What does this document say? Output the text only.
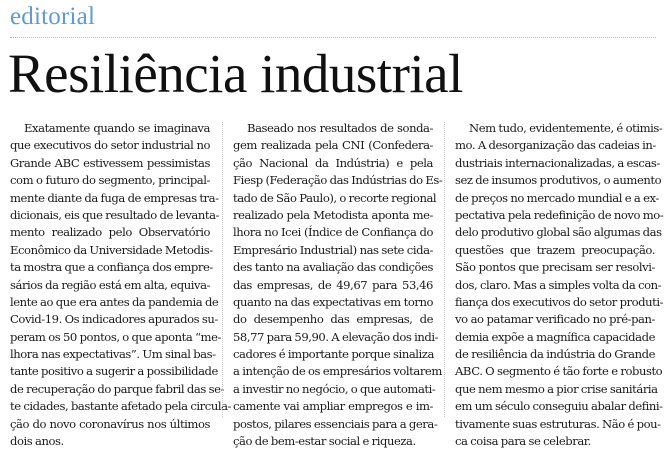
editorial
Resiliência industrial
Exatamente quando se imaginava
que executivos do setor industrial no
Grande ABC estivessem pessimistas
com o futuro do segmento, principal-
mente diante da fuga de empresas tra-
dicionais, eis que resultado de levanta-
mento realizado pelo Observatório
Econômico da Universidade Metodis-
ta mostra que a confiança dos empre-
sários da região está em alta, equiva-
lente ao que era antes da pandemia de
Covid-19. Os indicadores apurados su-
peram os 50 pontos, o que aponta “me-
lhora nas expectativas”. Um sinal bas-
tante positivo a sugerir a possibilidade
de recuperação do parque fabril das se-
te cidades, bastante afetado pela circula-
ção do novo coronavírus nos últimos
dois anos.
Baseado nos resultados de sonda-
gem realizada pela CNI (Confedera-
ção Nacional da Indústria) e pela
Fiesp (Federação das Indústrias do Es-
tado de São Paulo), o recorte regional
realizado pela Metodista aponta me-
lhora no Icei (Índice de Confiança do
Empresário Industrial) nas sete cida-
des tanto na avaliação das condições
das empresas, de 49,67 para 53,46
quanto na das expectativas em torno
do desempenho das empresas, de
58,77 para 59,90. A elevação dos indi-
cadores é importante porque sinaliza
a intenção de os empresários voltarem
a investir no negócio, o que automati-
camente vai ampliar empregos e im-
postos, pilares essenciais para a gera-
ção de bem-estar social e riqueza.
Nem tudo, evidentemente, é otimis-
mo. A desorganização das cadeias in-
dustriais internacionalizadas, a escas-
sez de insumos produtivos, o aumento
de preços no mercado mundial e a ex-
pectativa pela redefinição de novo mo-
delo produtivo global são algumas das
questões que trazem preocupação.
São pontos que precisam ser resolvi-
dos, claro. Mas a simples volta da con-
fiança dos executivos do setor produti-
vo ao patamar verificado no pré-pan-
demia expõe a magnífica capacidade
de resiliência da indústria do Grande
ABC. O segmento é tão forte e robusto
que nem mesmo a pior crise sanitária
em um século conseguiu abalar defini-
tivamente suas estruturas. Não é pou-
ca coisa para se celebrar.
